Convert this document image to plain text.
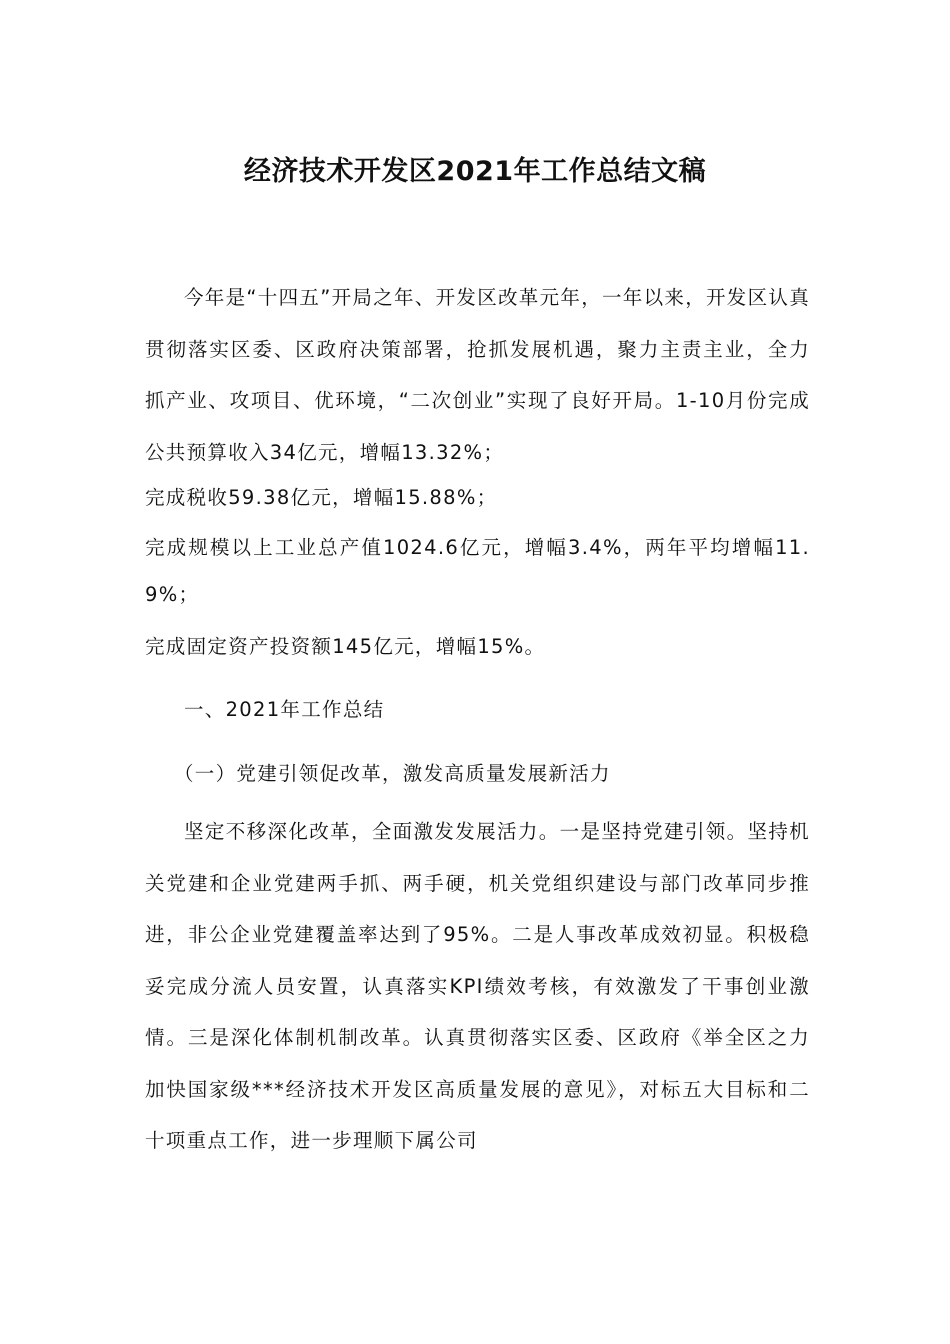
经济技术开发区2021年工作总结文稿
今年是“十四五”开局之年、开发区改革元年，一年以来，开发区认真贯彻落实区委、区政府决策部署，抢抓发展机遇，聚力主责主业，全力抓产业、攻项目、优环境，“二次创业”实现了良好开局。1-10月份完成公共预算收入34亿元，增幅13.32%；
完成税收59.38亿元，增幅15.88%；
完成规模以上工业总产值1024.6亿元，增幅3.4%，两年平均增幅11.9%；
完成固定资产投资额145亿元，增幅15%。
一、2021年工作总结
（一）党建引领促改革，激发高质量发展新活力
坚定不移深化改革，全面激发发展活力。一是坚持党建引领。坚持机关党建和企业党建两手抓、两手硬，机关党组织建设与部门改革同步推进，非公企业党建覆盖率达到了95%。二是人事改革成效初显。积极稳妥完成分流人员安置，认真落实KPI绩效考核，有效激发了干事创业激情。三是深化体制机制改革。认真贯彻落实区委、区政府《举全区之力加快国家级***经济技术开发区高质量发展的意见》，对标五大目标和二十项重点工作，进一步理顺下属公司
